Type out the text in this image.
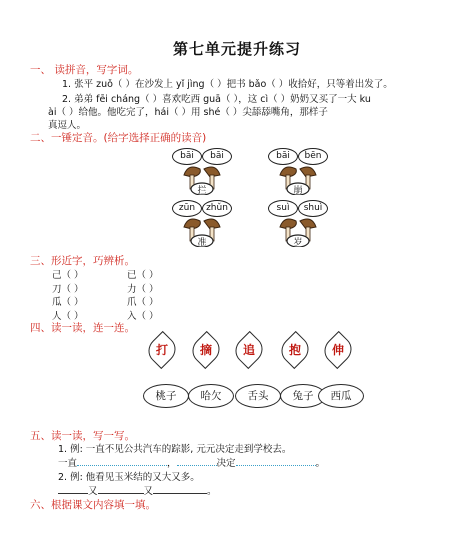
第七单元提升练习
一、 读拼音，写字词。
1. 张平 zuǒ（ ）在沙发上 yǐ jìng（ ）把书 bǎo（ ）收拾好，只等着出发了。
2. 弟弟 fēi cháng（ ）喜欢吃西 guā（ ），这 cì（ ）奶奶又买了一大 ku
ài（ ）给他。他吃完了，hái（ ）用 shé（ ）尖舔舔嘴角，那样子
真逗人。
二、一锤定音。(给字选择正确的读音)
bāi	bāi
拦
bāi	bēn
崩
zūn	zhǔn
准
suì	shuì
岁
三、形近字，巧辨析。
己（ ）	已（ ）
刀（ ）	力（ ）
瓜（ ）	爪（ ）
人（ ）	入（ ）
四、读一读，连一连。
打	摘	追	抱	伸
桃子	哈欠	舌头	兔子	西瓜
五、读一读，写一写。
1. 例: 一直不见公共汽车的踪影, 元元决定走到学校去。
一直	，	决定	。
2. 例: 他看见玉米结的又大又多。
又	又	。
六、根据课文内容填一填。
